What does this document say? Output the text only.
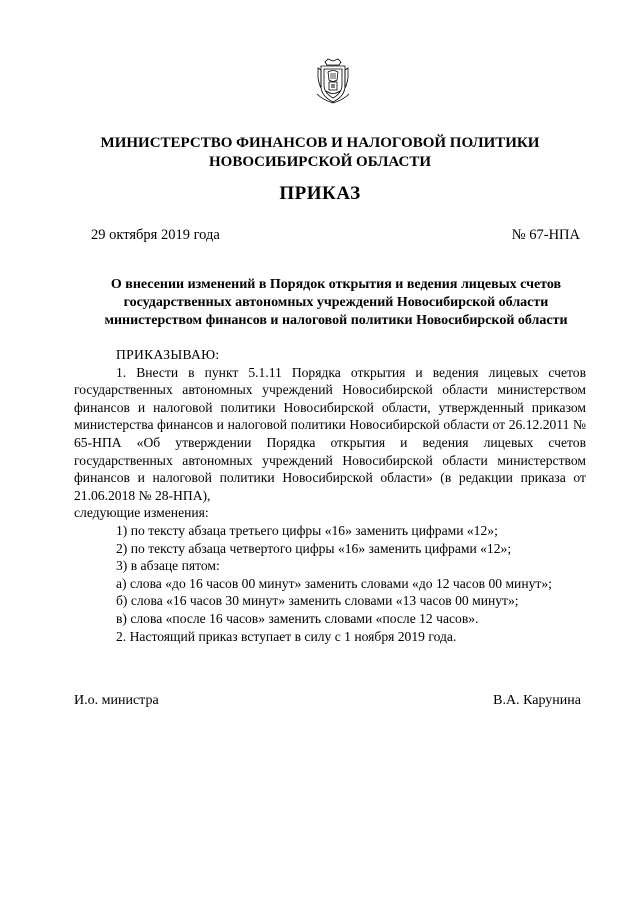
МИНИСТЕРСТВО ФИНАНСОВ И НАЛОГОВОЙ ПОЛИТИКИ
НОВОСИБИРСКОЙ ОБЛАСТИ
ПРИКАЗ
29 октября 2019 года	№ 67-НПА
О внесении изменений в Порядок открытия и ведения лицевых счетов
государственных автономных учреждений Новосибирской области
министерством финансов и налоговой политики Новосибирской области

ПРИКАЗЫВАЮ:

1. Внести в пункт 5.1.11 Порядка открытия и ведения лицевых счетов государственных автономных учреждений Новосибирской области министерством финансов и налоговой политики Новосибирской области, утвержденный приказом министерства финансов и налоговой политики Новосибирской области от 26.12.2011 № 65-НПА «Об утверждении Порядка открытия и ведения лицевых счетов государственных автономных учреждений Новосибирской области министерством финансов и налоговой политики Новосибирской области» (в редакции приказа от 21.06.2018 № 28-НПА),

следующие изменения:

1) по тексту абзаца третьего цифры «16» заменить цифрами «12»;

2) по тексту абзаца четвертого цифры «16» заменить цифрами «12»;

3) в абзаце пятом:

а) слова «до 16 часов 00 минут» заменить словами «до 12 часов 00 минут»;

б) слова «16 часов 30 минут» заменить словами «13 часов 00 минут»;

в) слова «после 16 часов» заменить словами «после 12 часов».

2. Настоящий приказ вступает в силу с 1 ноября 2019 года.

И.о. министра	В.А. Карунина
